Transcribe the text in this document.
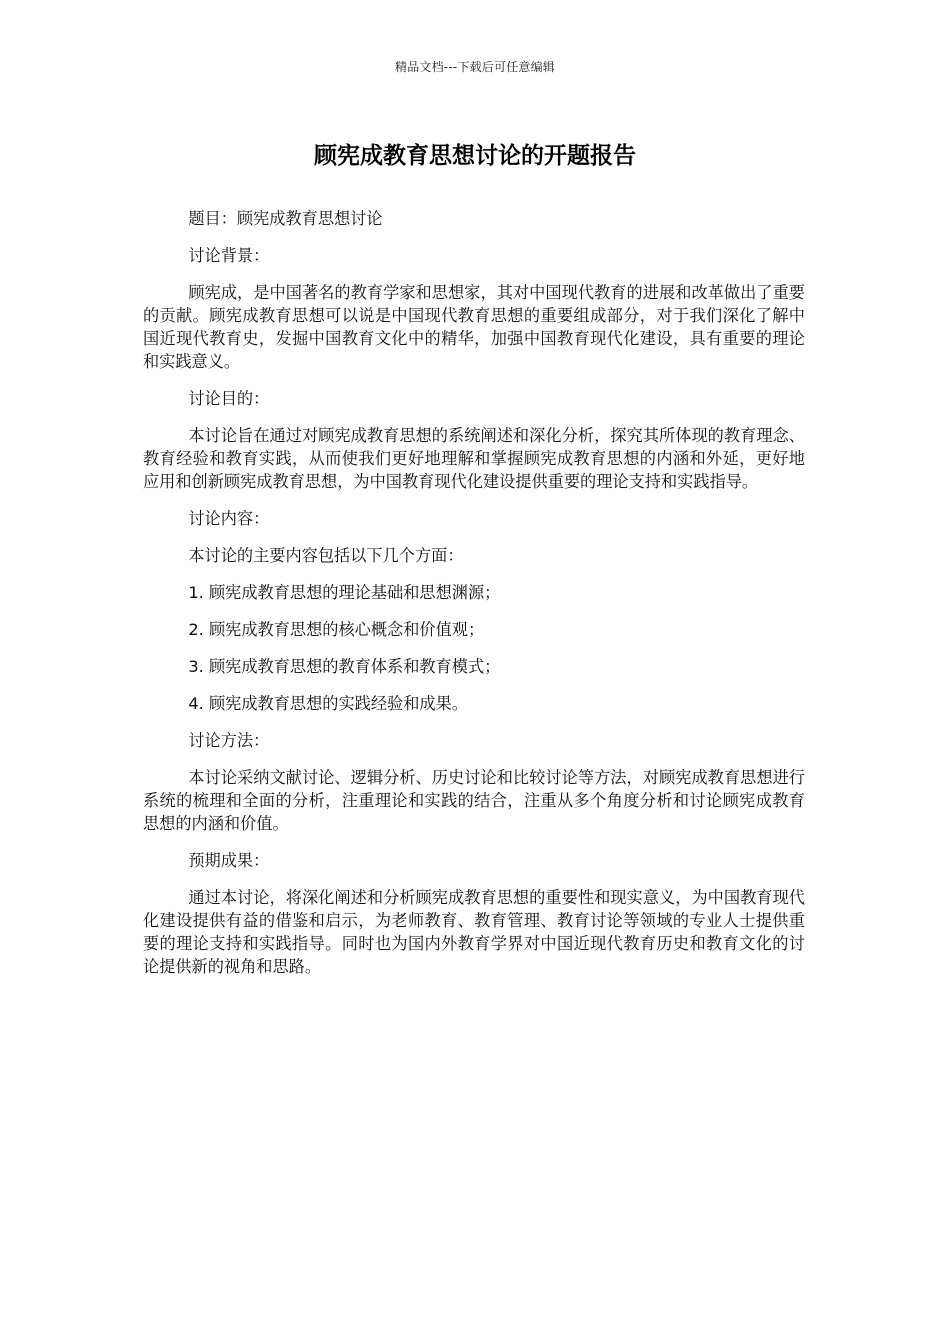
精品文档---下载后可任意编辑
顾宪成教育思想讨论的开题报告

题目：顾宪成教育思想讨论

讨论背景：

顾宪成，是中国著名的教育学家和思想家，其对中国现代教育的进展和改革做出了重要的贡献。顾宪成教育思想可以说是中国现代教育思想的重要组成部分，对于我们深化了解中国近现代教育史，发掘中国教育文化中的精华，加强中国教育现代化建设，具有重要的理论和实践意义。

讨论目的：

本讨论旨在通过对顾宪成教育思想的系统阐述和深化分析，探究其所体现的教育理念、教育经验和教育实践，从而使我们更好地理解和掌握顾宪成教育思想的内涵和外延，更好地应用和创新顾宪成教育思想，为中国教育现代化建设提供重要的理论支持和实践指导。

讨论内容：

本讨论的主要内容包括以下几个方面：

1. 顾宪成教育思想的理论基础和思想渊源；

2. 顾宪成教育思想的核心概念和价值观；

3. 顾宪成教育思想的教育体系和教育模式；

4. 顾宪成教育思想的实践经验和成果。

讨论方法：

本讨论采纳文献讨论、逻辑分析、历史讨论和比较讨论等方法，对顾宪成教育思想进行系统的梳理和全面的分析，注重理论和实践的结合，注重从多个角度分析和讨论顾宪成教育思想的内涵和价值。

预期成果：

通过本讨论，将深化阐述和分析顾宪成教育思想的重要性和现实意义，为中国教育现代化建设提供有益的借鉴和启示，为老师教育、教育管理、教育讨论等领域的专业人士提供重要的理论支持和实践指导。同时也为国内外教育学界对中国近现代教育历史和教育文化的讨论提供新的视角和思路。
